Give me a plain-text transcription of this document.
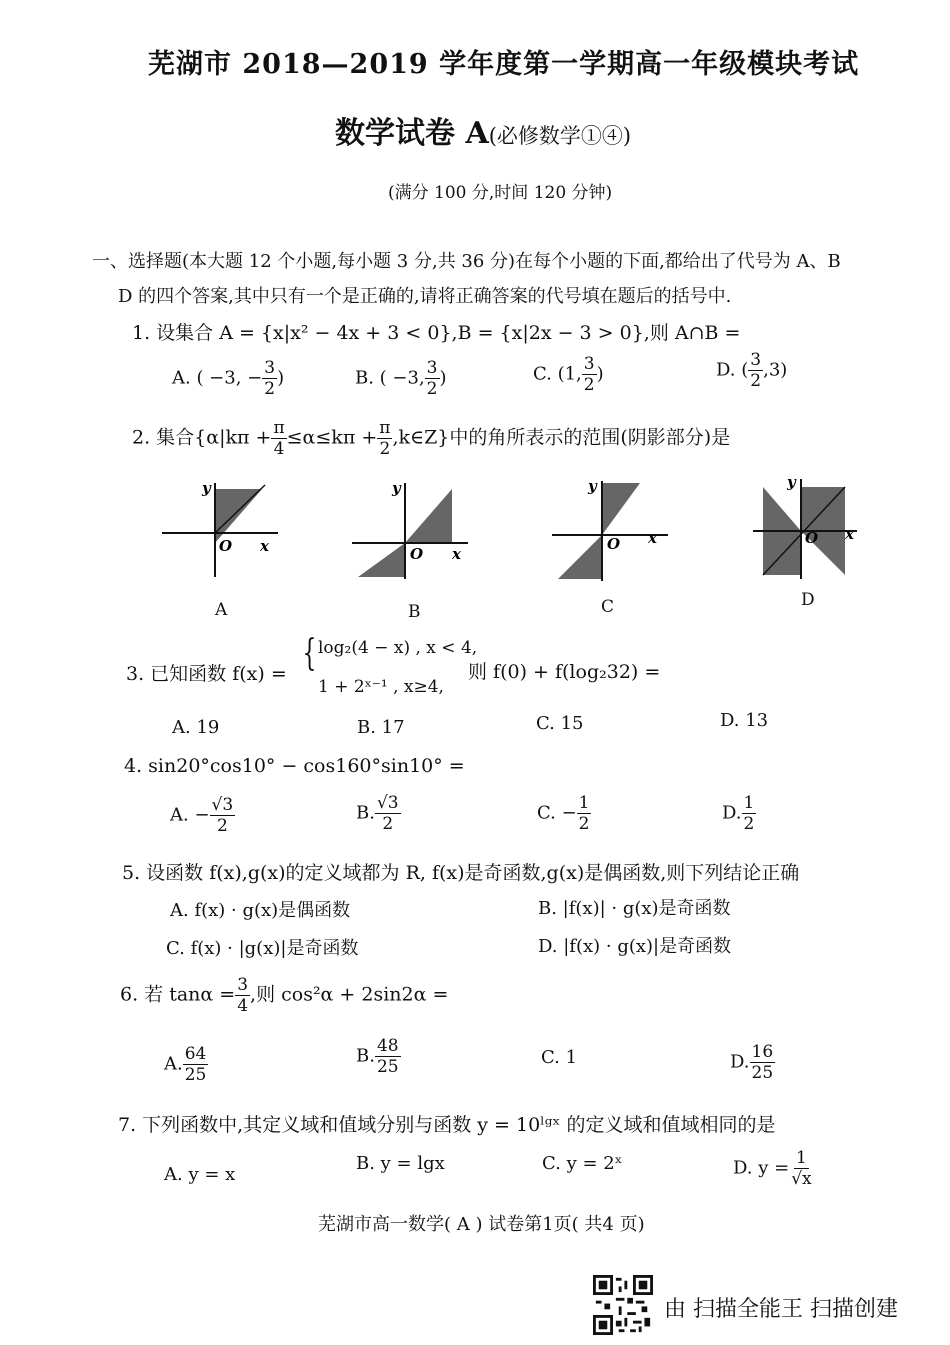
芜湖市 2018—2019 学年度第一学期高一年级模块考试
数学试卷 A(必修数学①④)
(满分 100 分,时间 120 分钟)
一、选择题(本大题 12 个小题,每小题 3 分,共 36 分)在每个小题的下面,都给出了代号为 A、B
D 的四个答案,其中只有一个是正确的,请将正确答案的代号填在题后的括号中.
1. 设集合 A = {x|x² − 4x + 3 < 0},B = {x|2x − 3 > 0},则 A∩B =
A. ( −3, − $\frac{3}{2}$ )	B. ( −3, $\frac{3}{2}$ )	C. (1, $\frac{3}{2}$ )	D. ( $\frac{3}{2} ,3$)
2. 集合{$\alpha|k\pi + \frac{\pi}{4} \le\alpha\le k\pi + \frac{\pi}{2}$ ,k∈Z}中的角所表示的范围(阴影部分)是
y
x
O
y
x
O
y
x
O
y
x
O
A	B	C	D
3. 已知函数 f(x) = { log₂(4 − x) , x < 4,
1 + 2ˣ⁻¹ , x≥4,
则 f(0) + f(log₂32) =
A. 19	B. 17	C. 15	D. 13
4. sin20°cos10° − cos160°sin10° =
A. − $\frac{√3}{2}$	B. $\frac{√3}{2}$	C. − $\frac{1}{2}$	D. $\frac{1}{2}$
5. 设函数 f(x),g(x)的定义域都为 R, f(x)是奇函数,g(x)是偶函数,则下列结论正确
A. f(x) · g(x)是偶函数	B. |f(x)| · g(x)是奇函数
C. f(x) · |g(x)|是奇函数	D. |f(x) · g(x)|是奇函数
6. 若 $\tan\alpha = \frac{3}{4}$ ,则 cos²α + 2sin2α =
A. $\frac{64}{25}$	B. $\frac{48}{25}$	C. 1	D. $\frac{16}{25}$
7. 下列函数中,其定义域和值域分别与函数 y = 10ˡᵍˣ 的定义域和值域相同的是
A. y = x
B. y = lgx	C. y = 2ˣ	D. $y = \frac{1}{√x}$
芜湖市高一数学( A ) 试卷第1页( 共4 页)
由 扫描全能王 扫描创建
